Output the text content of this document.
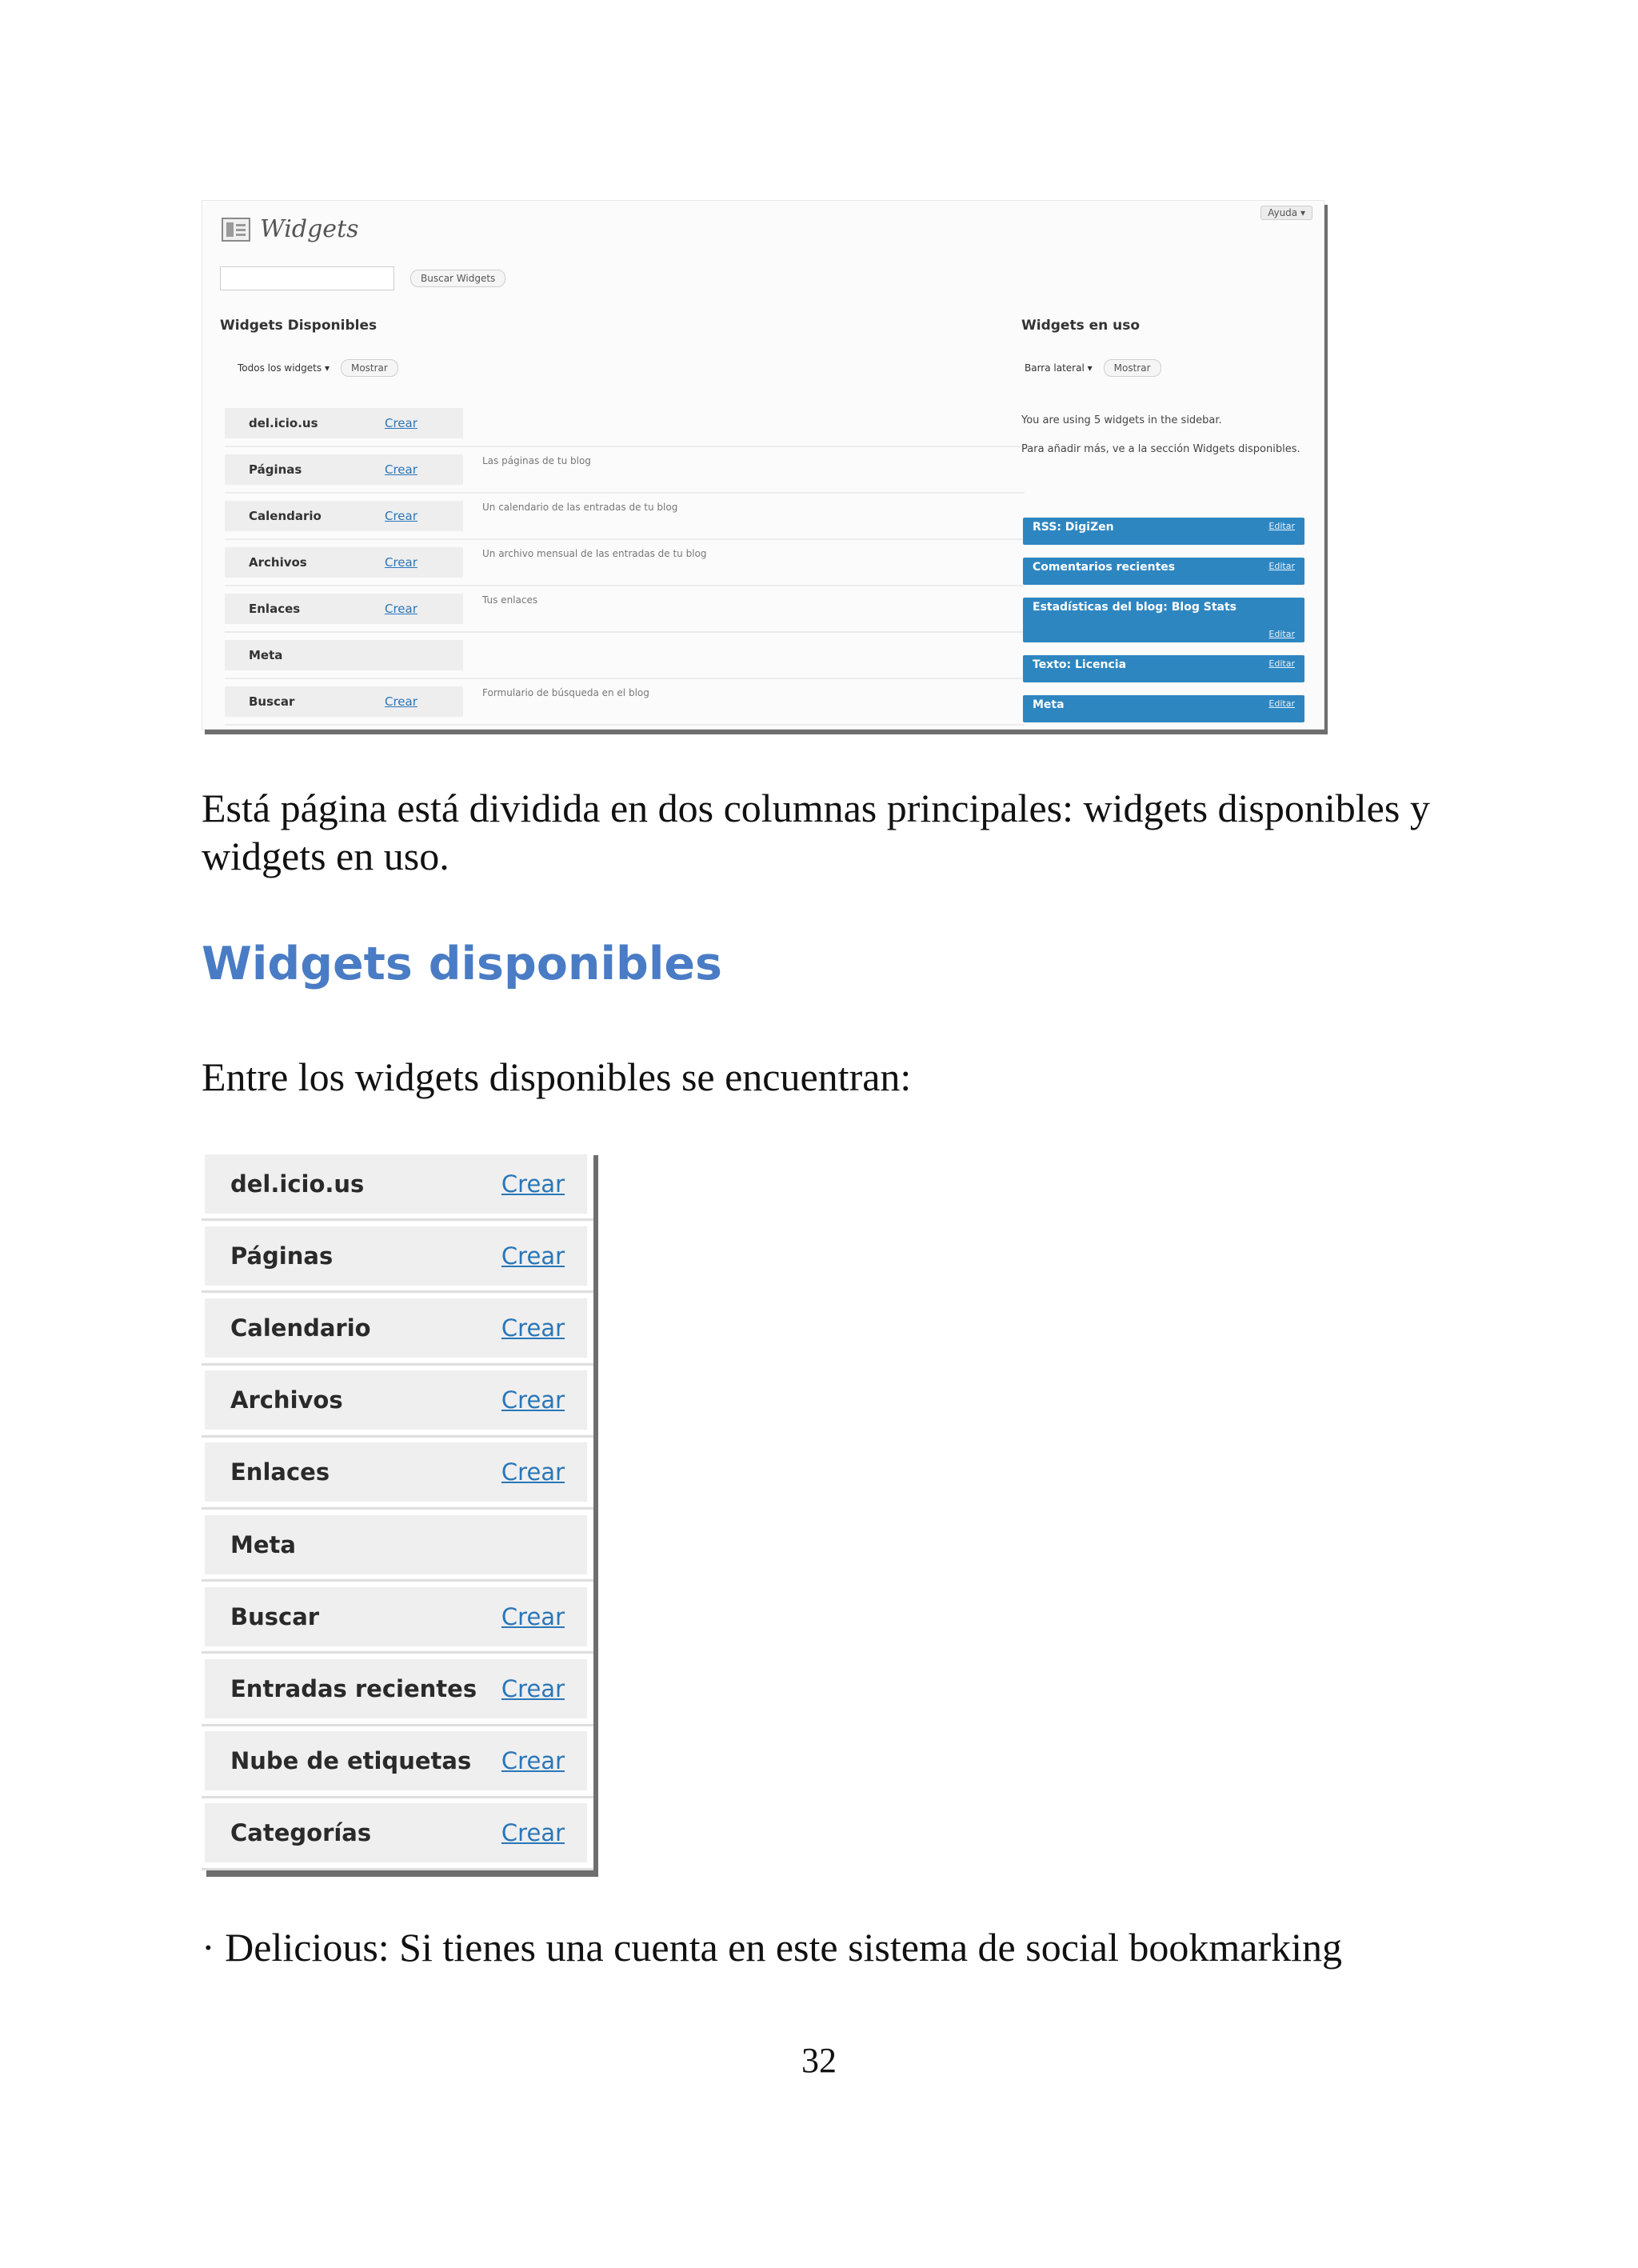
Ayuda ▾
Widgets
Buscar Widgets
Widgets Disponibles
Todos los widgets ▾	Mostrar
del.icio.us	Crear
Páginas	Crear
Las páginas de tu blog
Calendario	Crear
Un calendario de las entradas de tu blog
Archivos	Crear
Un archivo mensual de las entradas de tu blog
Enlaces	Crear
Tus enlaces
Meta
Buscar	Crear
Formulario de búsqueda en el blog
Widgets en uso
Barra lateral ▾	Mostrar
You are using 5 widgets in the sidebar.
Para añadir más, ve a la sección Widgets disponibles.
RSS: DigiZen	Editar
Comentarios recientes	Editar
Estadísticas del blog: Blog Stats
Editar
Texto: Licencia	Editar
Meta	Editar

Está página está dividida en dos columnas principales: widgets disponibles y widgets en uso.

Widgets disponibles

Entre los widgets disponibles se encuentran:

del.icio.us	Crear
Páginas	Crear
Calendario	Crear
Archivos	Crear
Enlaces	Crear
Meta
Buscar	Crear
Entradas recientes Crear
Nube de etiquetas Crear
Categorías	Crear

· Delicious: Si tienes una cuenta en este sistema de social bookmarking

32
